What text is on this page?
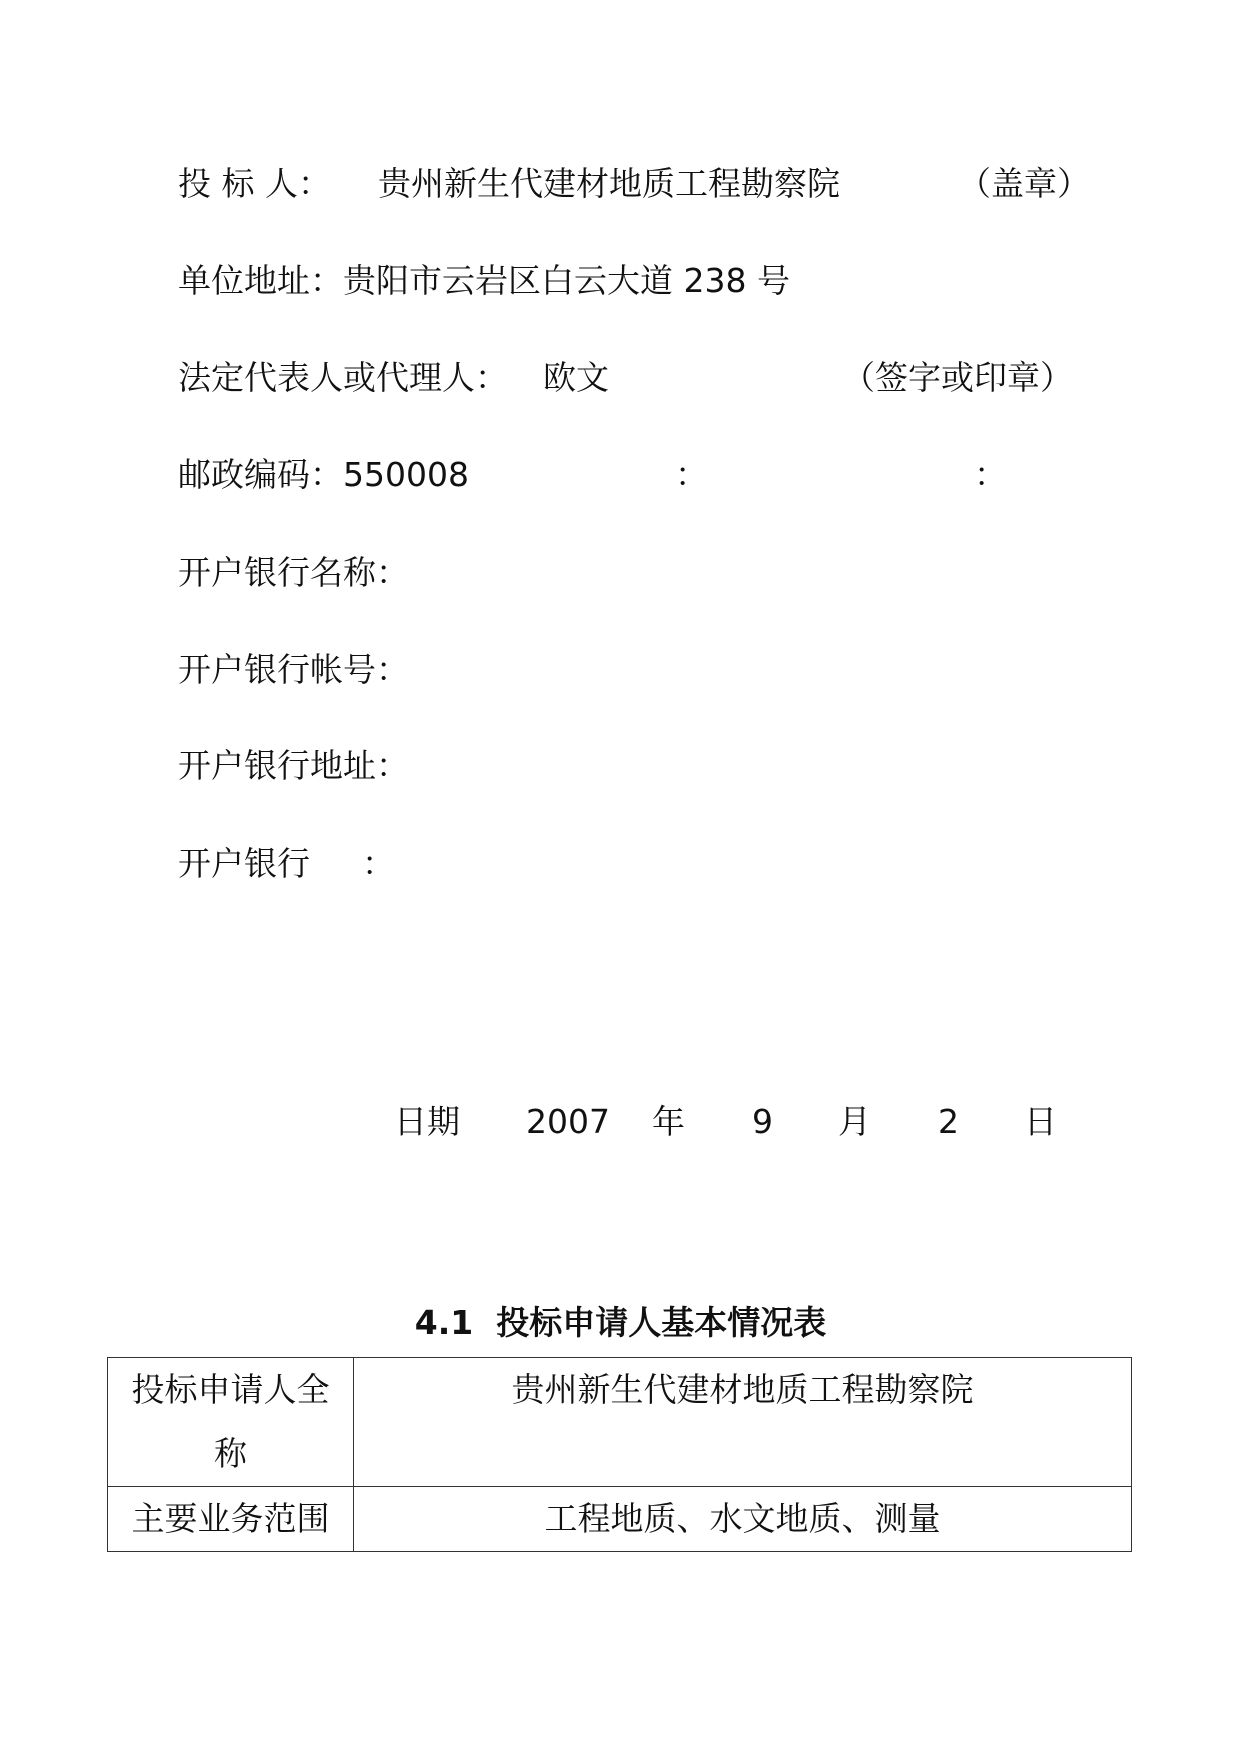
投 标 人： 贵州新生代建材地质工程勘察院	（盖章）
单位地址： 贵阳市云岩区白云大道 238 号
法定代表人或代理人： 欧文	（签字或印章）
邮政编码： 550008	：	：
开户银行名称：
开户银行帐号：
开户银行地址：
开户银行 ：
日期 2007 年 9 月 2 日
4.1  投标申请人基本情况表
投标申请人全
称	贵州新生代建材地质工程勘察院
主要业务范围	工程地质、水文地质、测量
